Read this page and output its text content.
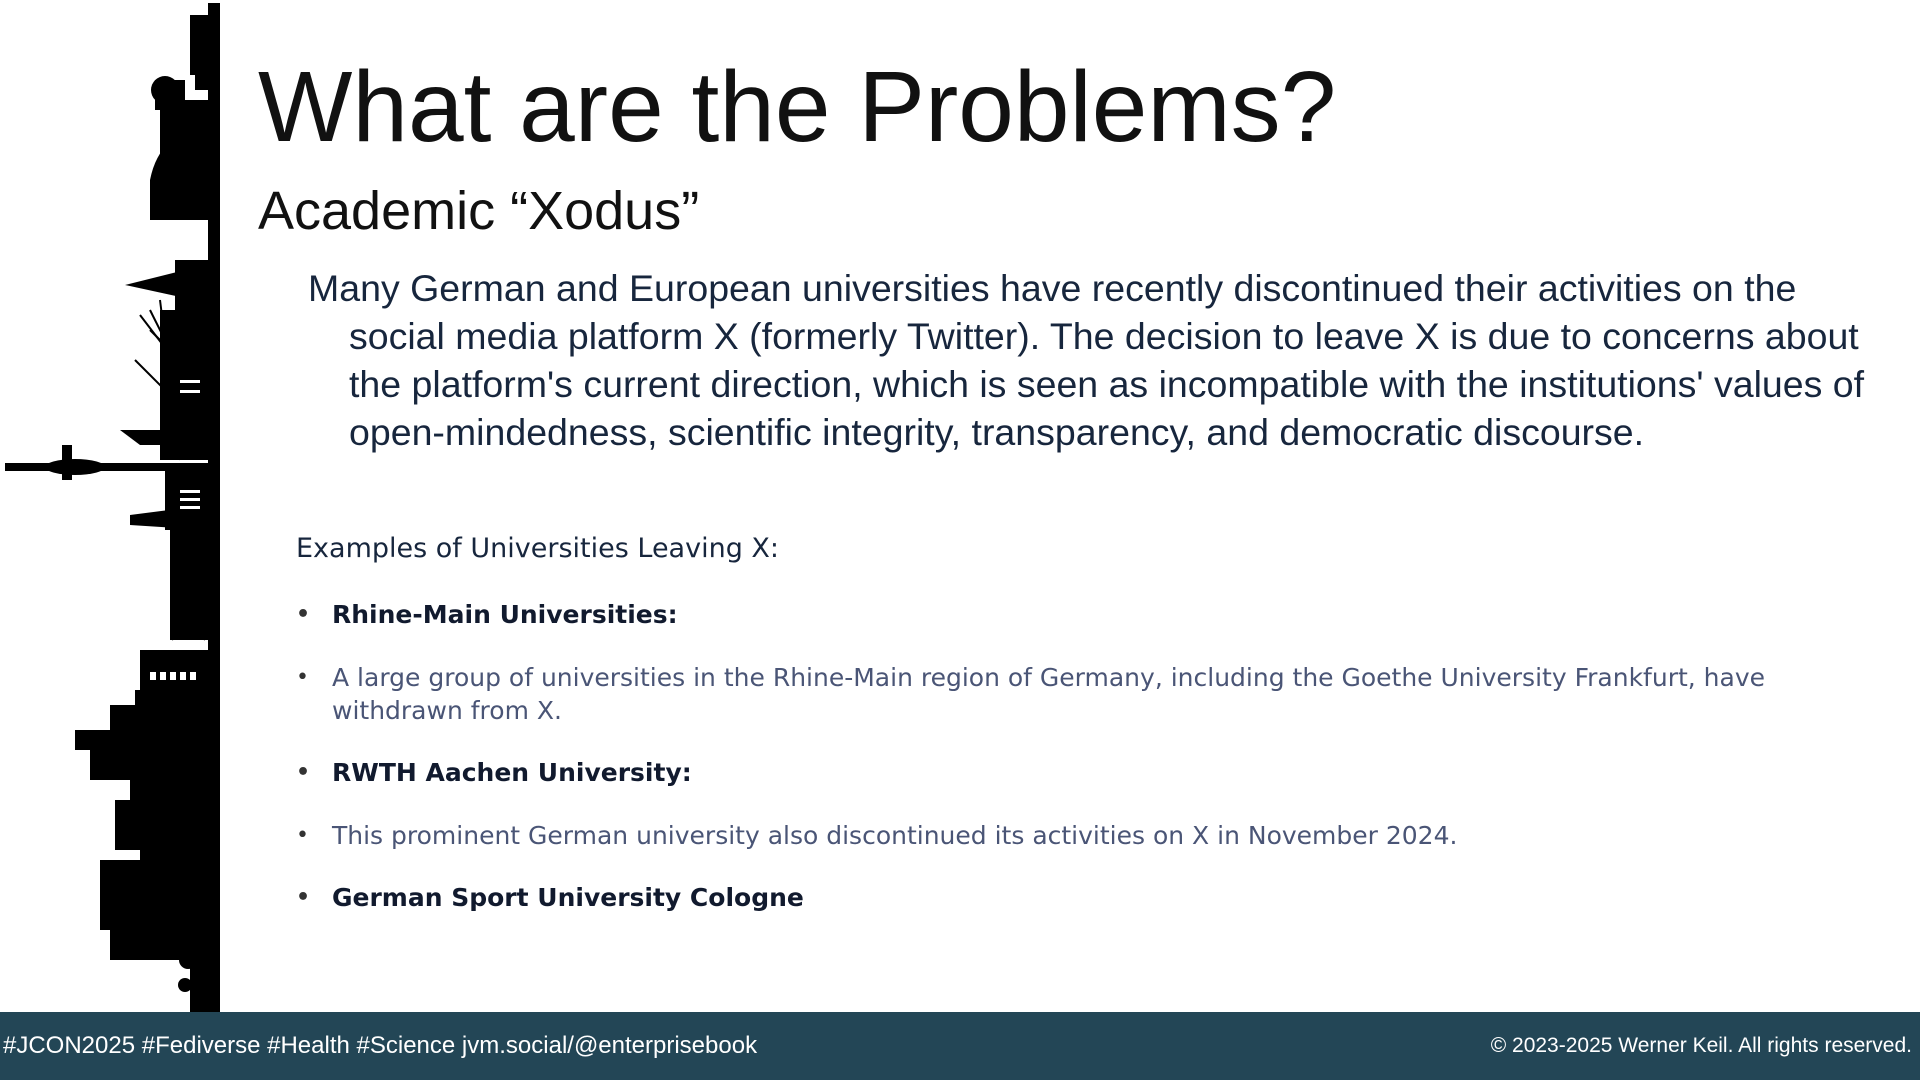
What are the Problems?
Academic “Xodus”

Many German and European universities have recently discontinued their activities on the social media platform X (formerly Twitter). The decision to leave X is due to concerns about the platform's current direction, which is seen as incompatible with the institutions' values of open-mindedness, scientific integrity, transparency, and democratic discourse.

Examples of Universities Leaving X:
• Rhine-Main Universities:
• A large group of universities in the Rhine-Main region of Germany, including the Goethe University Frankfurt, have withdrawn from X.
• RWTH Aachen University:
• This prominent German university also discontinued its activities on X in November 2024.
• German Sport University Cologne
#JCON2025 #Fediverse #Health #Science jvm.social/@enterprisebook	© 2023-2025 Werner Keil. All rights reserved.
